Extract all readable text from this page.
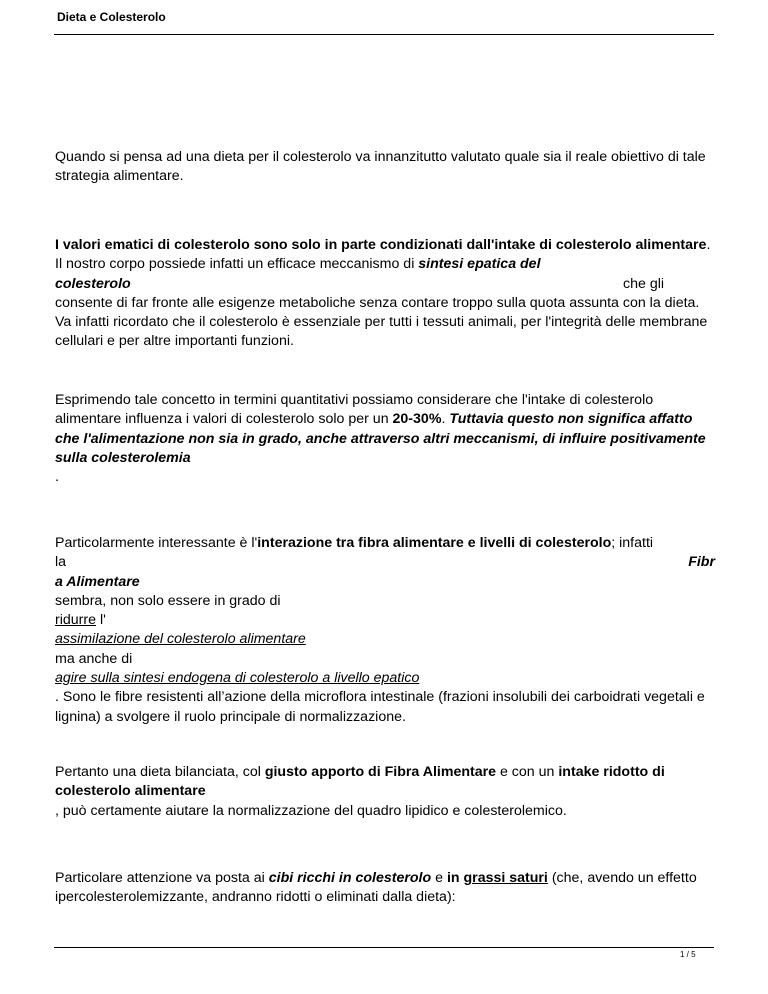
Dieta e Colesterolo
Quando si pensa ad una dieta per il colesterolo va innanzitutto valutato quale sia il reale obiettivo di tale strategia alimentare.
I valori ematici di colesterolo sono solo in parte condizionati dall'intake di colesterolo alimentare. Il nostro corpo possiede infatti un efficace meccanismo di sintesi epatica del
colesterolo	che gli
consente di far fronte alle esigenze metaboliche senza contare troppo sulla quota assunta con la dieta. Va infatti ricordato che il colesterolo è essenziale per tutti i tessuti animali, per l'integrità delle membrane cellulari e per altre importanti funzioni.
Esprimendo tale concetto in termini quantitativi possiamo considerare che l'intake di colesterolo alimentare influenza i valori di colesterolo solo per un 20-30%. Tuttavia questo non significa affatto che l'alimentazione non sia in grado, anche attraverso altri meccanismi, di influire positivamente sulla colesterolemia
.
Particolarmente interessante è l'interazione tra fibra alimentare e livelli di colesterolo; infatti
la	Fibr
a Alimentare
sembra, non solo essere in grado di
ridurre l'
assimilazione del colesterolo alimentare
ma anche di
agire sulla sintesi endogena di colesterolo a livello epatico
. Sono le fibre resistenti all’azione della microflora intestinale (frazioni insolubili dei carboidrati vegetali e lignina) a svolgere il ruolo principale di normalizzazione.
Pertanto una dieta bilanciata, col giusto apporto di Fibra Alimentare e con un intake ridotto di colesterolo alimentare
, può certamente aiutare la normalizzazione del quadro lipidico e colesterolemico.
Particolare attenzione va posta ai cibi ricchi in colesterolo e in grassi saturi (che, avendo un effetto ipercolesterolemizzante, andranno ridotti o eliminati dalla dieta):
1 / 5
